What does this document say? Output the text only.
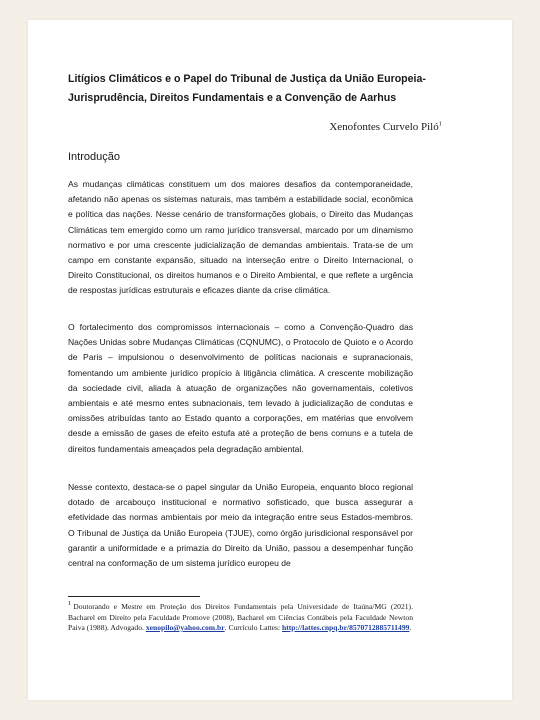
Litígios Climáticos e o Papel do Tribunal de Justiça da União Europeia-Jurisprudência, Direitos Fundamentais e a Convenção de Aarhus
Xenofontes Curvelo Piló$^1$
Introdução

As mudanças climáticas constituem um dos maiores desafios da contemporaneidade, afetando não apenas os sistemas naturais, mas também a estabilidade social, econômica e política das nações. Nesse cenário de transformações globais, o Direito das Mudanças Climáticas tem emergido como um ramo jurídico transversal, marcado por um dinamismo normativo e por uma crescente judicialização de demandas ambientais. Trata-se de um campo em constante expansão, situado na interseção entre o Direito Internacional, o Direito Constitucional, os direitos humanos e o Direito Ambiental, e que reflete a urgência de respostas jurídicas estruturais e eficazes diante da crise climática.

O fortalecimento dos compromissos internacionais – como a Convenção-Quadro das Nações Unidas sobre Mudanças Climáticas (CQNUMC), o Protocolo de Quioto e o Acordo de Paris – impulsionou o desenvolvimento de políticas nacionais e supranacionais, fomentando um ambiente jurídico propício à litigância climática. A crescente mobilização da sociedade civil, aliada à atuação de organizações não governamentais, coletivos ambientais e até mesmo entes subnacionais, tem levado à judicialização de condutas e omissões atribuídas tanto ao Estado quanto a corporações, em matérias que envolvem desde a emissão de gases de efeito estufa até a proteção de bens comuns e a tutela de direitos fundamentais ameaçados pela degradação ambiental.

Nesse contexto, destaca-se o papel singular da União Europeia, enquanto bloco regional dotado de arcabouço institucional e normativo sofisticado, que busca assegurar a efetividade das normas ambientais por meio da integração entre seus Estados-membros. O Tribunal de Justiça da União Europeia (TJUE), como órgão jurisdicional responsável por garantir a uniformidade e a primazia do Direito da União, passou a desempenhar função central na conformação de um sistema jurídico europeu de

1 Doutorando e Mestre em Proteção dos Direitos Fundamentais pela Universidade de Itaúna/MG (2021). Bacharel em Direito pela Faculdade Promove (2008), Bacharel em Ciências Contábeis pela Faculdade Newton Paiva (1988). Advogado. xenopilo@yahoo.com.br. Currículo Lattes: http://lattes.cnpq.br/8570712885711499.
